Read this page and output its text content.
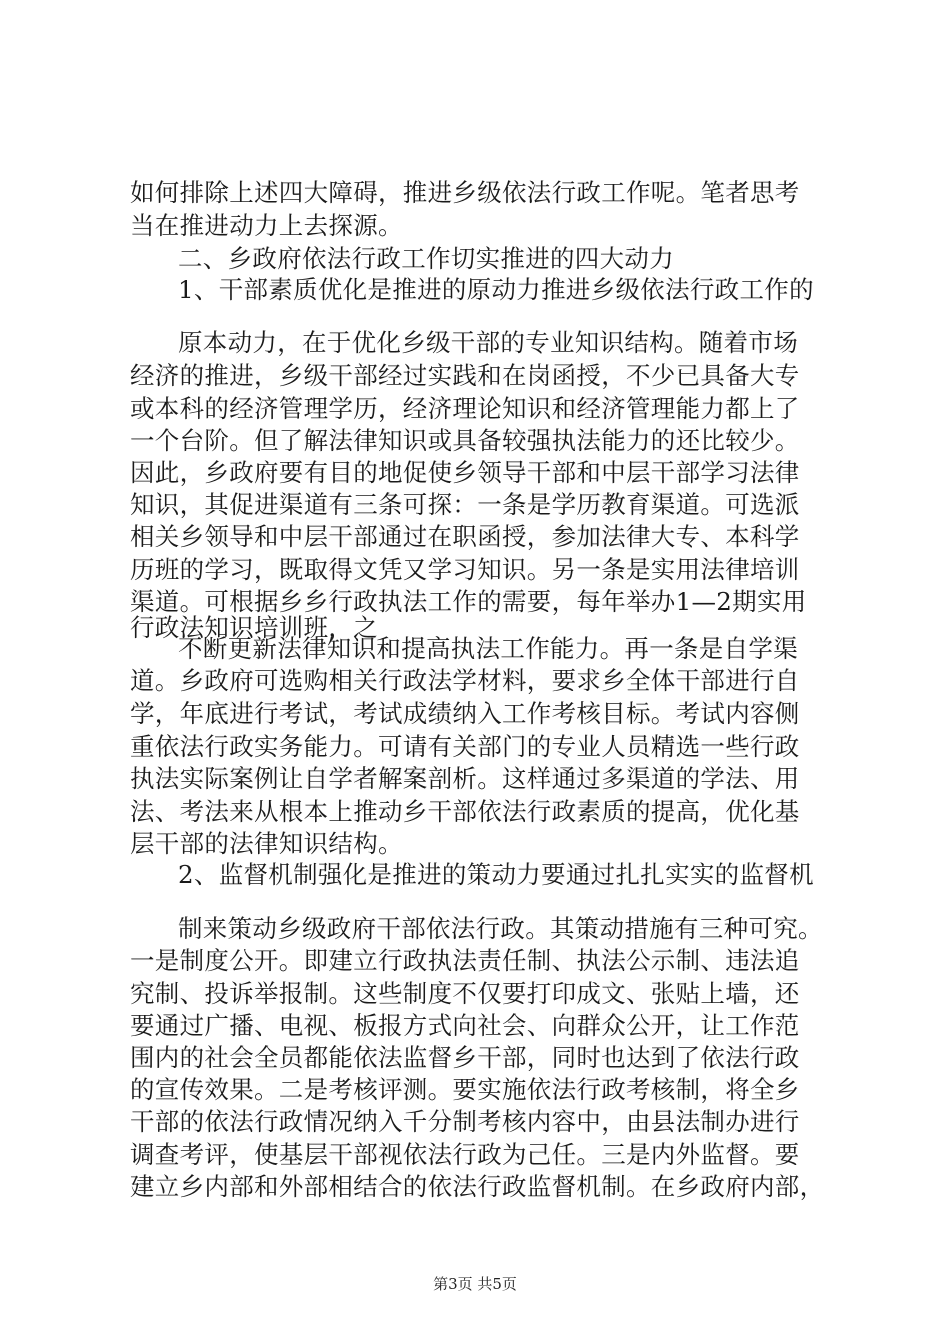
如何排除上述四大障碍，推进乡级依法行政工作呢。笔者思考
当在推进动力上去探源。
二、乡政府依法行政工作切实推进的四大动力
1、干部素质优化是推进的原动力推进乡级依法行政工作的
原本动力，在于优化乡级干部的专业知识结构。随着市场
经济的推进，乡级干部经过实践和在岗函授，不少已具备大专
或本科的经济管理学历，经济理论知识和经济管理能力都上了
一个台阶。但了解法律知识或具备较强执法能力的还比较少。
因此，乡政府要有目的地促使乡领导干部和中层干部学习法律
知识，其促进渠道有三条可探：一条是学历教育渠道。可选派
相关乡领导和中层干部通过在职函授，参加法律大专、本科学
历班的学习，既取得文凭又学习知识。另一条是实用法律培训
渠道。可根据乡乡行政执法工作的需要，每年举办1—2期实用
行政法知识培训班，之
不断更新法律知识和提高执法工作能力。再一条是自学渠
道。乡政府可选购相关行政法学材料，要求乡全体干部进行自
学，年底进行考试，考试成绩纳入工作考核目标。考试内容侧
重依法行政实务能力。可请有关部门的专业人员精选一些行政
执法实际案例让自学者解案剖析。这样通过多渠道的学法、用
法、考法来从根本上推动乡干部依法行政素质的提高，优化基
层干部的法律知识结构。
2、监督机制强化是推进的策动力要通过扎扎实实的监督机
制来策动乡级政府干部依法行政。其策动措施有三种可究。
一是制度公开。即建立行政执法责任制、执法公示制、违法追
究制、投诉举报制。这些制度不仅要打印成文、张贴上墙，还
要通过广播、电视、板报方式向社会、向群众公开，让工作范
围内的社会全员都能依法监督乡干部，同时也达到了依法行政
的宣传效果。二是考核评测。要实施依法行政考核制，将全乡
干部的依法行政情况纳入千分制考核内容中，由县法制办进行
调查考评，使基层干部视依法行政为己任。三是内外监督。要
建立乡内部和外部相结合的依法行政监督机制。在乡政府内部，
第3页 共5页
